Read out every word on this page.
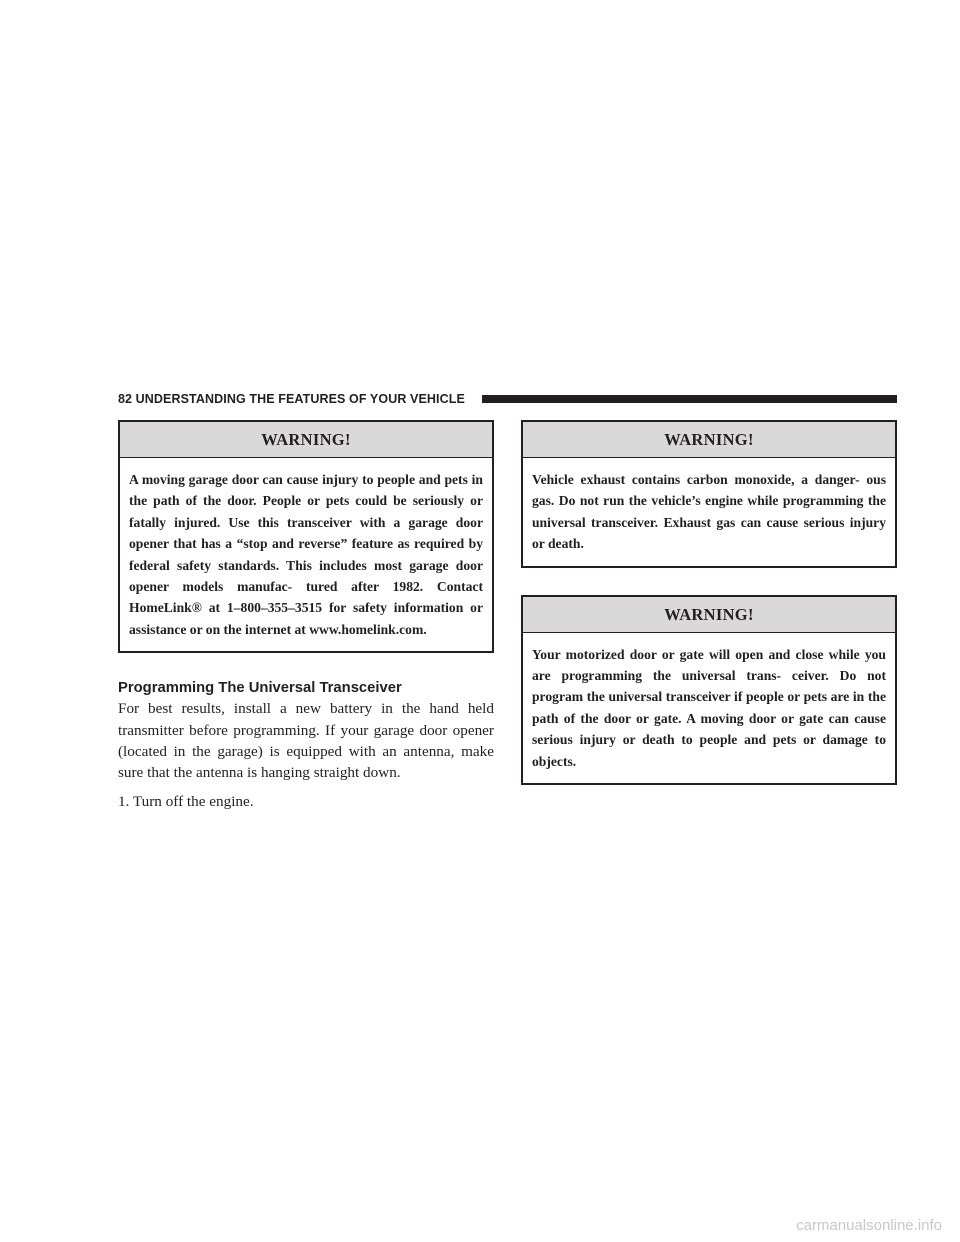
82 UNDERSTANDING THE FEATURES OF YOUR VEHICLE
WARNING!
A moving garage door can cause injury to people and pets in the path of the door. People or pets could be seriously or fatally injured. Use this transceiver with a garage door opener that has a “stop and reverse” feature as required by federal safety standards. This includes most garage door opener models manufac- tured after 1982. Contact HomeLink® at 1–800–355–3515 for safety information or assistance or on the internet at www.homelink.com.
Programming The Universal Transceiver

For best results, install a new battery in the hand held transmitter before programming. If your garage door opener (located in the garage) is equipped with an antenna, make sure that the antenna is hanging straight down.

1. Turn off the engine.

WARNING!
Vehicle exhaust contains carbon monoxide, a danger- ous gas. Do not run the vehicle’s engine while programming the universal transceiver. Exhaust gas can cause serious injury or death.
WARNING!
Your motorized door or gate will open and close while you are programming the universal trans- ceiver. Do not program the universal transceiver if people or pets are in the path of the door or gate. A moving door or gate can cause serious injury or death to people and pets or damage to objects.
carmanualsonline.info
